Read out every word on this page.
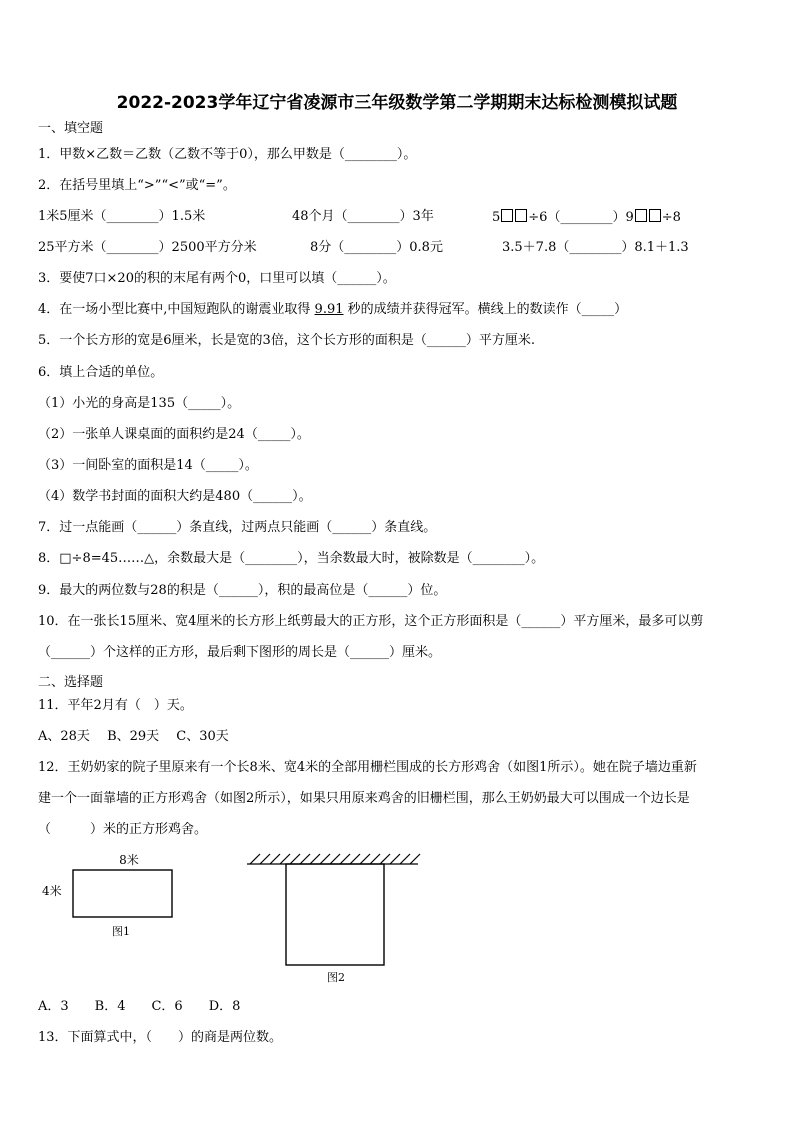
2022-2023学年辽宁省凌源市三年级数学第二学期期末达标检测模拟试题
一、填空题
1．甲数×乙数＝乙数（乙数不等于0），那么甲数是（________）。
2．在括号里填上“>”“<”或“=”。
1米5厘米（________）1.5米	48个月（________）3年	5 ÷6（________）9 ÷8
25平方米（________）2500平方分米	8分（________）0.8元	3.5＋7.8（________）8.1＋1.3
3．要使7口×20的积的末尾有两个0，口里可以填（______）。
4．在一场小型比赛中,中国短跑队的谢震业取得 9.91 秒的成绩并获得冠军。横线上的数读作（_____）
5．一个长方形的宽是6厘米，长是宽的3倍，这个长方形的面积是（______）平方厘米.
6．填上合适的单位。
（1）小光的身高是135（_____）。
（2）一张单人课桌面的面积约是24（_____）。
（3）一间卧室的面积是14（_____）。
（4）数学书封面的面积大约是480（______）。
7．过一点能画（______）条直线，过两点只能画（______）条直线。
8．□÷8=45……△，余数最大是（________），当余数最大时，被除数是（________）。
9．最大的两位数与28的积是（______），积的最高位是（______）位。
10．在一张长15厘米、宽4厘米的长方形上纸剪最大的正方形，这个正方形面积是（______）平方厘米，最多可以剪
（______）个这样的正方形，最后剩下图形的周长是（______）厘米。
二、选择题
11．平年2月有（　）天。
A、28天　 B、29天　 C、30天
12．王奶奶家的院子里原来有一个长8米、宽4米的全部用栅栏围成的长方形鸡舍（如图1所示）。她在院子墙边重新
建一个一面靠墙的正方形鸡舍（如图2所示），如果只用原来鸡舍的旧栅栏围，那么王奶奶最大可以围成一个边长是
（　　　）米的正方形鸡舍。
8米
4米
图1
图2
A．3　　B．4　　C．6　　D．8
13．下面算式中，（　　）的商是两位数。
